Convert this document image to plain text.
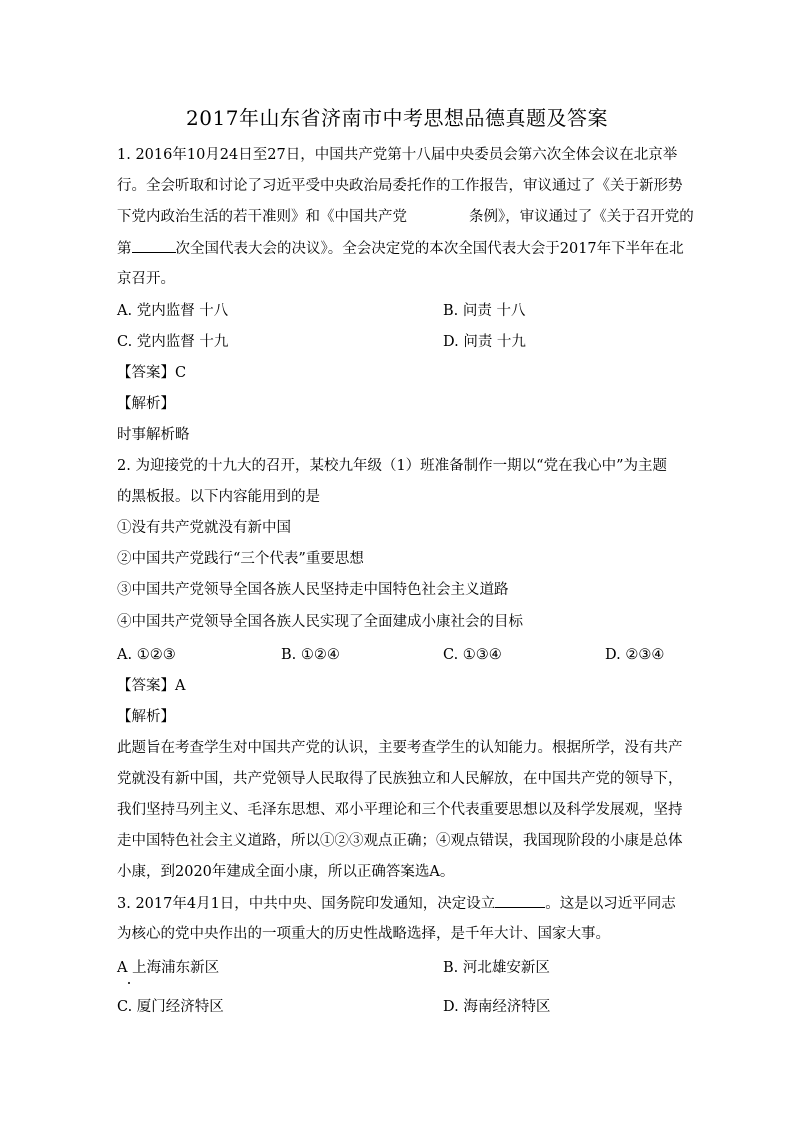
2017年山东省济南市中考思想品德真题及答案
1. 2016年10月24日至27日，中国共产党第十八届中央委员会第六次全体会议在北京举
行。全会听取和讨论了习近平受中央政治局委托作的工作报告，审议通过了《关于新形势
下党内政治生活的若干准则》和《中国共产党	条例》，审议通过了《关于召开党的
第	次全国代表大会的决议》。全会决定党的本次全国代表大会于2017年下半年在北
京召开。
A. 党内监督 十八	B. 问责 十八
C. 党内监督 十九	D. 问责 十九
【答案】C
【解析】
时事解析略
2. 为迎接党的十九大的召开，某校九年级（1）班准备制作一期以“党在我心中”为主题
的黑板报。以下内容能用到的是
①没有共产党就没有新中国
②中国共产党践行“三个代表”重要思想
③中国共产党领导全国各族人民坚持走中国特色社会主义道路
④中国共产党领导全国各族人民实现了全面建成小康社会的目标
A. ①②③	B. ①②④	C. ①③④	D. ②③④
【答案】A
【解析】
此题旨在考查学生对中国共产党的认识，主要考查学生的认知能力。根据所学，没有共产
党就没有新中国，共产党领导人民取得了民族独立和人民解放，在中国共产党的领导下，
我们坚持马列主义、毛泽东思想、邓小平理论和三个代表重要思想以及科学发展观，坚持
走中国特色社会主义道路，所以①②③观点正确；④观点错误，我国现阶段的小康是总体
小康，到2020年建成全面小康，所以正确答案选A。
3. 2017年4月1日，中共中央、国务院印发通知，决定设立	。这是以习近平同志
为核心的党中央作出的一项重大的历史性战略选择，是千年大计、国家大事。
A 上海浦东新区	B. 河北雄安新区
C. 厦门经济特区	D. 海南经济特区
